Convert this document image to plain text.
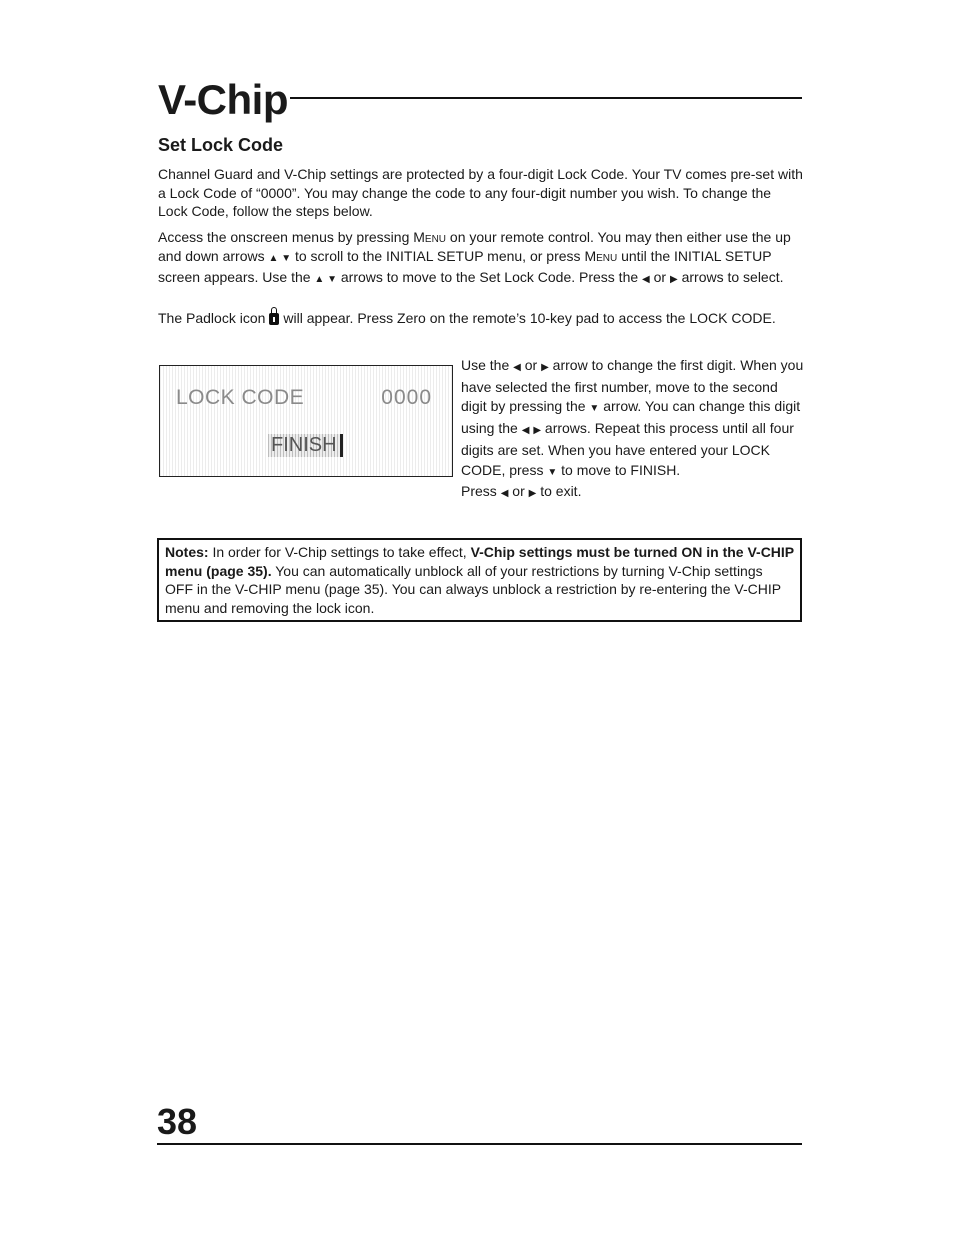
V-Chip
Set Lock Code

Channel Guard and V-Chip settings are protected by a four-digit Lock Code. Your TV comes pre-set with a Lock Code of “0000”. You may change the code to any four-digit number you wish. To change the Lock Code, follow the steps below.

Access the onscreen menus by pressing Menu on your remote control. You may then either use the up and down arrows ▲ ▼ to scroll to the INITIAL SETUP menu, or press Menu until the INITIAL SETUP screen appears. Use the ▲ ▼ arrows to move to the Set Lock Code. Press the ◀ or ▶ arrows to select.

The Padlock icon will appear. Press Zero on the remote’s 10-key pad to access the LOCK CODE.

LOCK CODE	0000
FINISH

Use the ◀ or ▶ arrow to change the first digit. When you have selected the first number, move to the second digit by pressing the ▼ arrow. You can change this digit using the ◀ ▶ arrows. Repeat this process until all four digits are set. When you have entered your LOCK CODE, press ▼ to move to FINISH.
Press ◀ or ▶ to exit.

Notes: In order for V-Chip settings to take effect, V-Chip settings must be turned ON in the V-CHIP menu (page 35). You can automatically unblock all of your restrictions by turning V-Chip settings OFF in the V-CHIP menu (page 35). You can always unblock a restriction by re-entering the V-CHIP menu and removing the lock icon.
38
